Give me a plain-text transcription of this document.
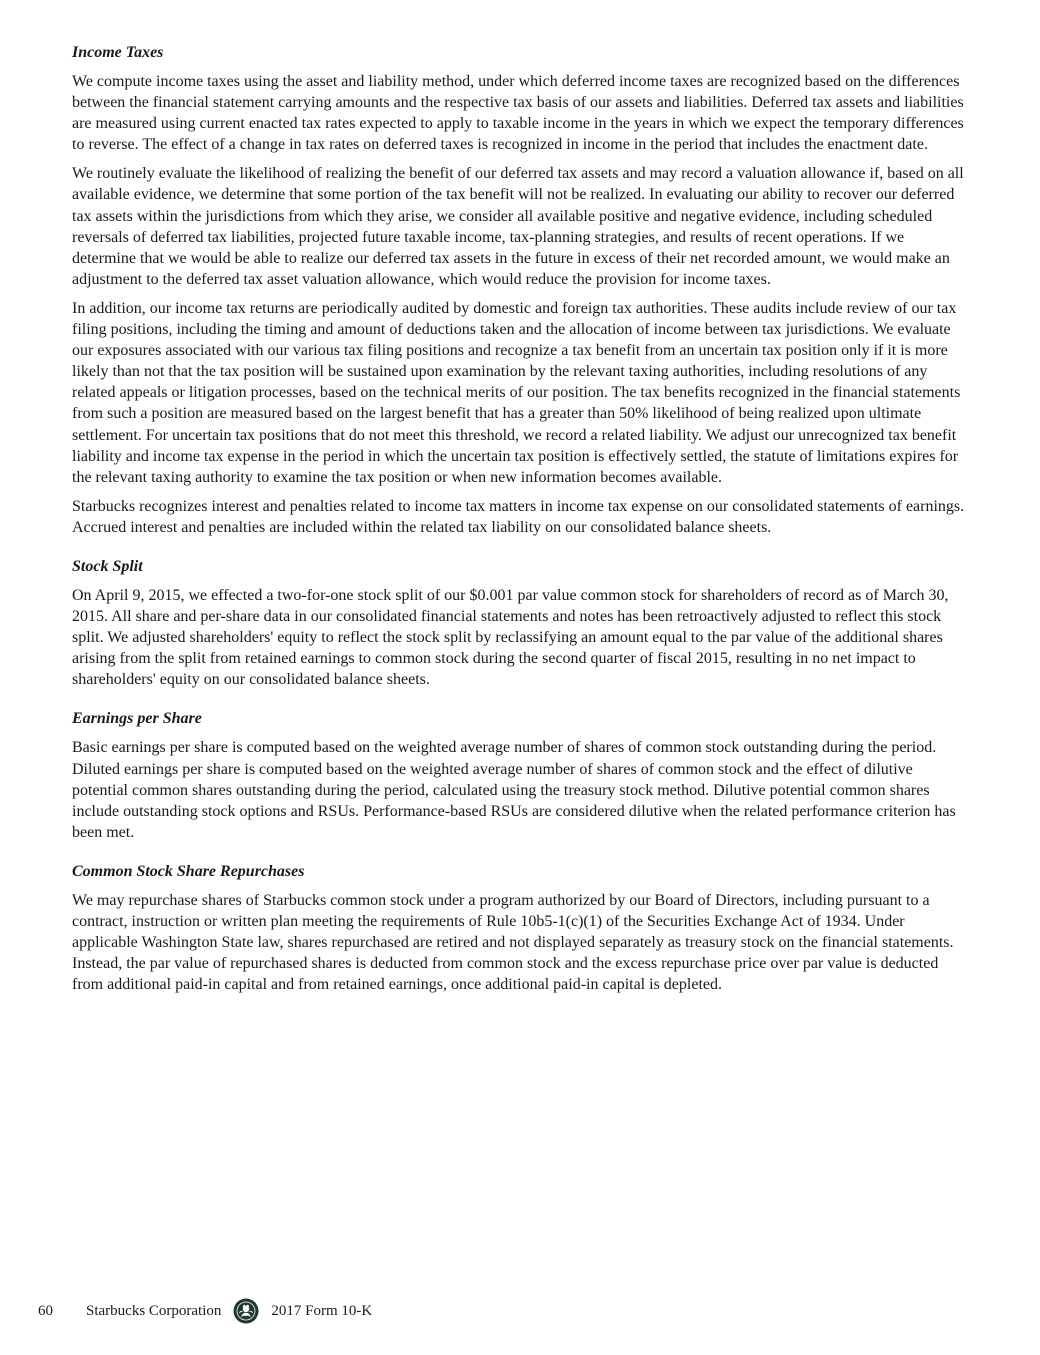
Income Taxes

We compute income taxes using the asset and liability method, under which deferred income taxes are recognized based on the differences between the financial statement carrying amounts and the respective tax basis of our assets and liabilities. Deferred tax assets and liabilities are measured using current enacted tax rates expected to apply to taxable income in the years in which we expect the temporary differences to reverse. The effect of a change in tax rates on deferred taxes is recognized in income in the period that includes the enactment date.

We routinely evaluate the likelihood of realizing the benefit of our deferred tax assets and may record a valuation allowance if, based on all available evidence, we determine that some portion of the tax benefit will not be realized. In evaluating our ability to recover our deferred tax assets within the jurisdictions from which they arise, we consider all available positive and negative evidence, including scheduled reversals of deferred tax liabilities, projected future taxable income, tax-planning strategies, and results of recent operations. If we determine that we would be able to realize our deferred tax assets in the future in excess of their net recorded amount, we would make an adjustment to the deferred tax asset valuation allowance, which would reduce the provision for income taxes.

In addition, our income tax returns are periodically audited by domestic and foreign tax authorities. These audits include review of our tax filing positions, including the timing and amount of deductions taken and the allocation of income between tax jurisdictions. We evaluate our exposures associated with our various tax filing positions and recognize a tax benefit from an uncertain tax position only if it is more likely than not that the tax position will be sustained upon examination by the relevant taxing authorities, including resolutions of any related appeals or litigation processes, based on the technical merits of our position. The tax benefits recognized in the financial statements from such a position are measured based on the largest benefit that has a greater than 50% likelihood of being realized upon ultimate settlement. For uncertain tax positions that do not meet this threshold, we record a related liability. We adjust our unrecognized tax benefit liability and income tax expense in the period in which the uncertain tax position is effectively settled, the statute of limitations expires for the relevant taxing authority to examine the tax position or when new information becomes available.

Starbucks recognizes interest and penalties related to income tax matters in income tax expense on our consolidated statements of earnings. Accrued interest and penalties are included within the related tax liability on our consolidated balance sheets.

Stock Split

On April 9, 2015, we effected a two-for-one stock split of our $0.001 par value common stock for shareholders of record as of March 30, 2015. All share and per-share data in our consolidated financial statements and notes has been retroactively adjusted to reflect this stock split. We adjusted shareholders' equity to reflect the stock split by reclassifying an amount equal to the par value of the additional shares arising from the split from retained earnings to common stock during the second quarter of fiscal 2015, resulting in no net impact to shareholders' equity on our consolidated balance sheets.

Earnings per Share

Basic earnings per share is computed based on the weighted average number of shares of common stock outstanding during the period. Diluted earnings per share is computed based on the weighted average number of shares of common stock and the effect of dilutive potential common shares outstanding during the period, calculated using the treasury stock method. Dilutive potential common shares include outstanding stock options and RSUs. Performance-based RSUs are considered dilutive when the related performance criterion has been met.

Common Stock Share Repurchases

We may repurchase shares of Starbucks common stock under a program authorized by our Board of Directors, including pursuant to a contract, instruction or written plan meeting the requirements of Rule 10b5-1(c)(1) of the Securities Exchange Act of 1934. Under applicable Washington State law, shares repurchased are retired and not displayed separately as treasury stock on the financial statements. Instead, the par value of repurchased shares is deducted from common stock and the excess repurchase price over par value is deducted from additional paid-in capital and from retained earnings, once additional paid-in capital is depleted.

60	Starbucks Corporation	2017 Form 10-K
